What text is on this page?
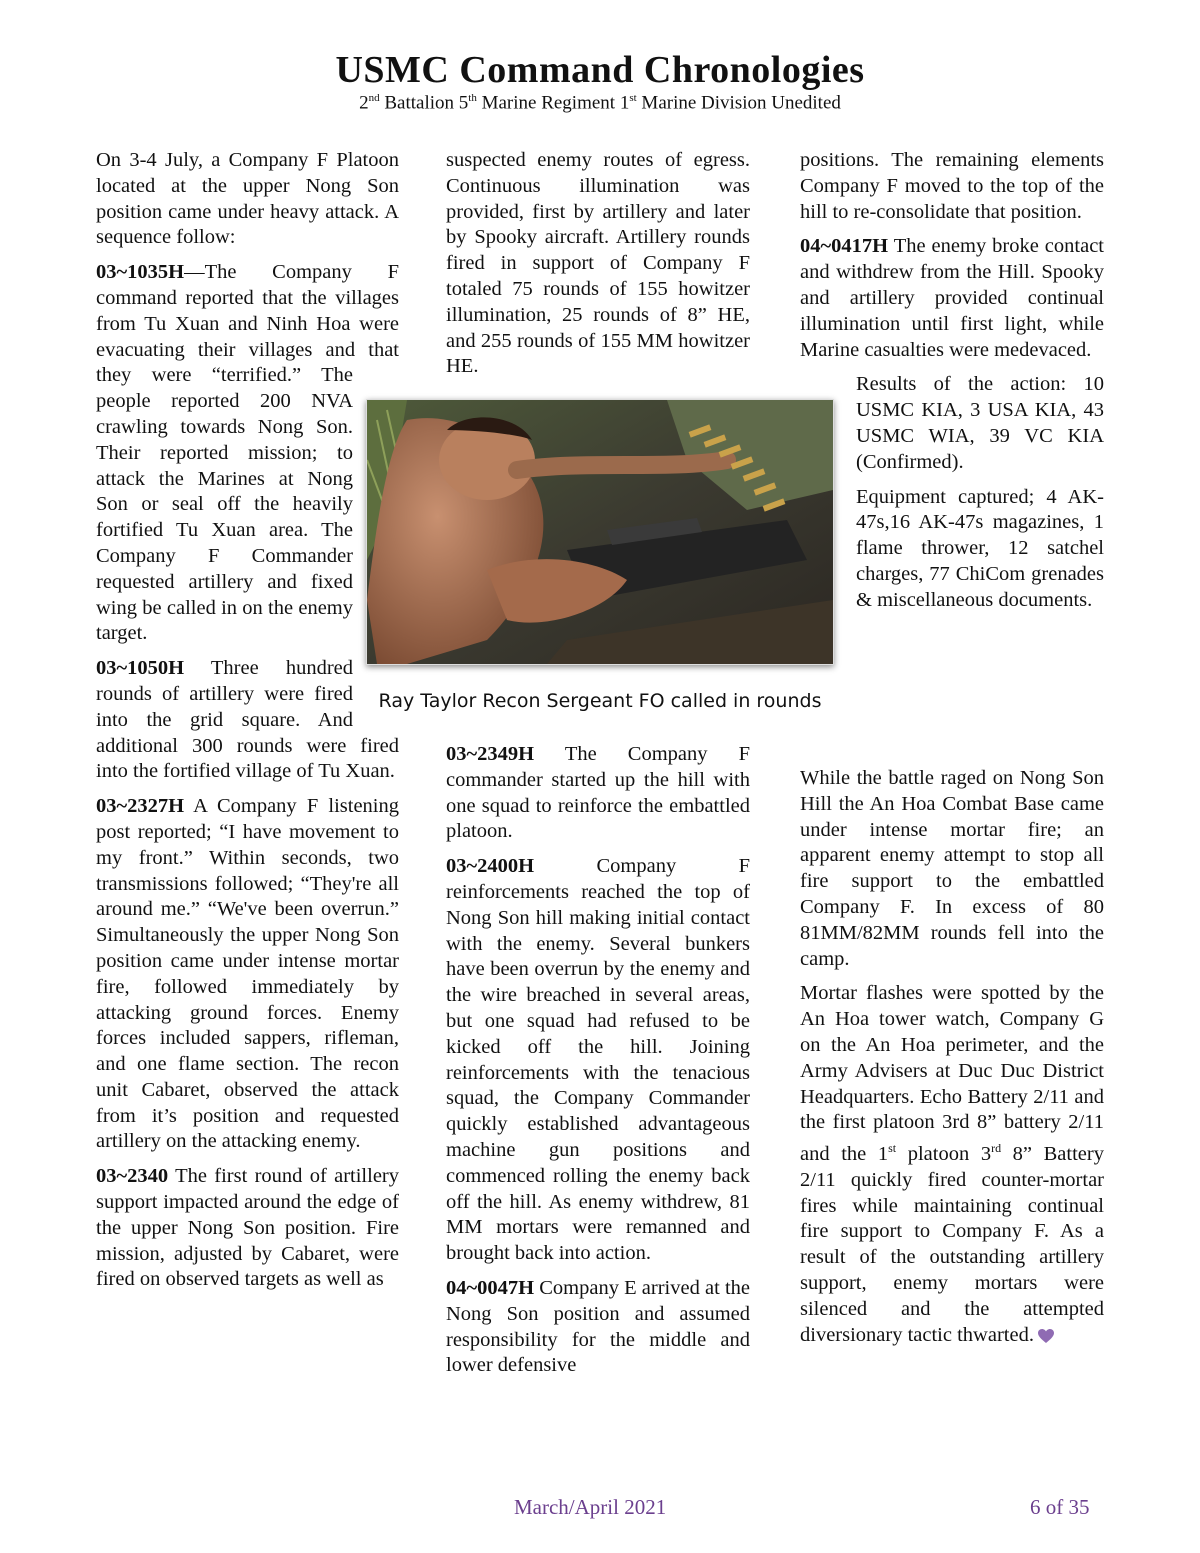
USMC Command Chronologies
2nd Battalion 5th Marine Regiment 1st Marine Division Unedited

On 3-4 July, a Company F Platoon located at the upper Nong Son position came under heavy attack. A sequence follow:

03~1035H—The Company F command reported that the villages from Tu Xuan and Ninh Hoa were evacuating their villages and that they were “terrified.” The people reported 200 NVA crawling towards Nong Son. Their reported mission; to attack the Marines at Nong Son or seal off the heavily fortified Tu Xuan area. The Company F Commander requested artillery and fixed wing be called in on the enemy target.

03~1050H Three hundred rounds of artillery were fired into the grid square. And additional 300 rounds were fired into the fortified village of Tu Xuan.

03~2327H A Company F listening post reported; “I have movement to my front.” Within seconds, two transmissions followed; “They're all around me.” “We've been overrun.” Simultaneously the upper Nong Son position came under intense mortar fire, followed immediately by attacking ground forces. Enemy forces included sappers, rifleman, and one flame section. The recon unit Cabaret, observed the attack from it’s position and requested artillery on the attacking enemy.

03~2340 The first round of artillery support impacted around the edge of the upper Nong Son position. Fire mission, adjusted by Cabaret, were fired on observed targets as well as

suspected enemy routes of egress. Continuous illumination was provided, first by artillery and later by Spooky aircraft. Artillery rounds fired in support of Company F totaled 75 rounds of 155 howitzer illumination, 25 rounds of 8” HE, and 255 rounds of 155 MM howitzer HE.

Ray Taylor Recon Sergeant FO called in rounds

03~2349H The Company F commander started up the hill with one squad to reinforce the embattled platoon.

03~2400H Company F reinforcements reached the top of Nong Son hill making initial contact with the enemy. Several bunkers have been overrun by the enemy and the wire breached in several areas, but one squad had refused to be kicked off the hill. Joining reinforcements with the tenacious squad, the Company Commander quickly established advantageous machine gun positions and commenced rolling the enemy back off the hill. As enemy withdrew, 81 MM mortars were remanned and brought back into action.

04~0047H Company E arrived at the Nong Son position and assumed responsibility for the middle and lower defensive

positions. The remaining elements Company F moved to the top of the hill to re-consolidate that position.

04~0417H The enemy broke contact and withdrew from the Hill. Spooky and artillery provided continual illumination until first light, while Marine casualties were medevaced.

Results of the action: 10 USMC KIA, 3 USA KIA, 43 USMC WIA, 39 VC KIA (Confirmed).

Equipment captured; 4 AK-47s,16 AK-47s magazines, 1 flame thrower, 12 satchel charges, 77 ChiCom grenades & miscellaneous documents.

While the battle raged on Nong Son Hill the An Hoa Combat Base came under intense mortar fire; an apparent enemy attempt to stop all fire support to the embattled Company F. In excess of 80 81MM/82MM rounds fell into the camp.

Mortar flashes were spotted by the An Hoa tower watch, Company G on the An Hoa perimeter, and the Army Advisers at Duc Duc District Headquarters. Echo Battery 2/11 and the first platoon 3rd 8” battery 2/11 and the 1st platoon 3rd 8” Battery 2/11 quickly fired counter-mortar fires while maintaining continual fire support to Company F. As a result of the outstanding artillery support, enemy mortars were silenced and the attempted diversionary tactic thwarted.

March/April 2021	6 of 35
